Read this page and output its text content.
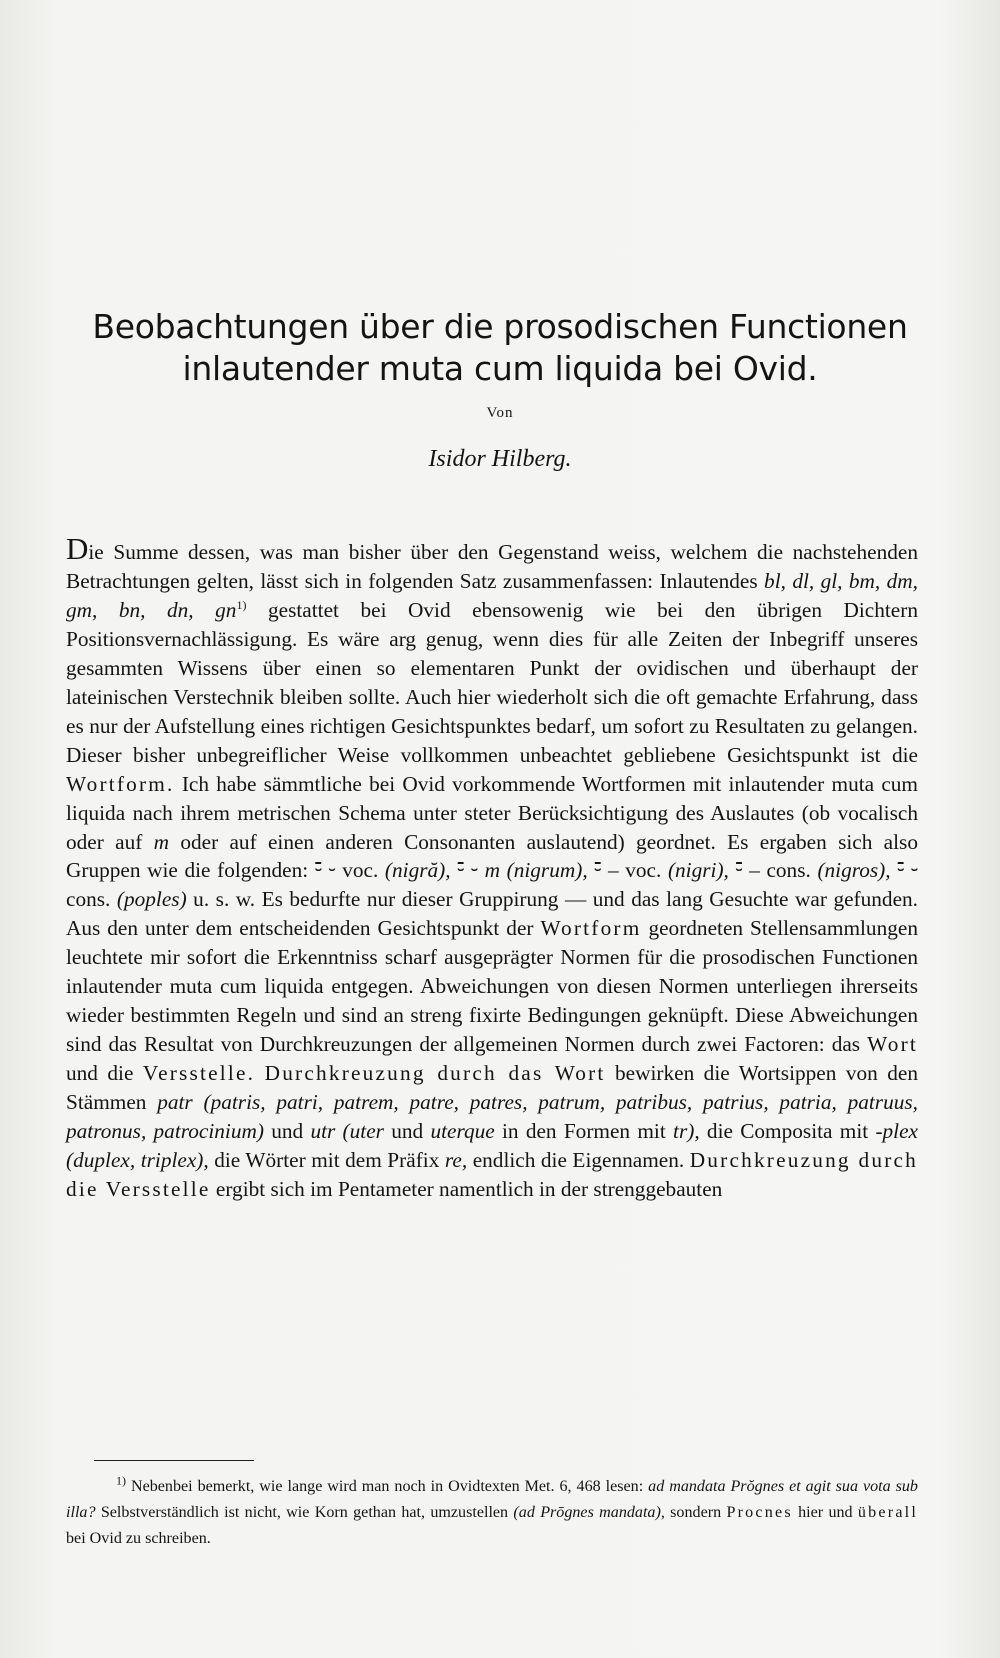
Beobachtungen über die prosodischen Functionen
inlautender muta cum liquida bei Ovid.
Von
Isidor Hilberg.

Die Summe dessen, was man bisher über den Gegenstand weiss, welchem die nachstehenden Betrachtungen gelten, lässt sich in folgenden Satz zusammenfassen: Inlautendes bl, dl, gl, bm, dm, gm, bn, dn, $gn^{1)}$ gestattet bei Ovid ebensowenig wie bei den übrigen Dichtern Positionsvernachlässigung. Es wäre arg genug, wenn dies für alle Zeiten der Inbegriff unseres gesammten Wissens über einen so elementaren Punkt der ovidischen und überhaupt der lateinischen Verstechnik bleiben sollte. Auch hier wiederholt sich die oft gemachte Erfahrung, dass es nur der Aufstellung eines richtigen Gesichtspunktes bedarf, um sofort zu Resultaten zu gelangen. Dieser bisher unbegreiflicher Weise vollkommen unbeachtet gebliebene Gesichtspunkt ist die Wortform. Ich habe sämmtliche bei Ovid vorkommende Wortformen mit inlautender muta cum liquida nach ihrem metrischen Schema unter steter Berücksichtigung des Auslautes (ob vocalisch oder auf m oder auf einen anderen Consonanten auslautend) geordnet. Es ergaben sich also Gruppen wie die folgenden: ⏑̄ ⏑ voc. (nigră), ⏑̄ ⏑ m (nigrum), ⏑̄ – voc. (nigri), ⏑̄ – cons. (nigros), ⏑̄ ⏑ cons. (poples) u. s. w. Es bedurfte nur dieser Gruppirung — und das lang Gesuchte war gefunden. Aus den unter dem entscheidenden Gesichtspunkt der Wortform geordneten Stellensammlungen leuchtete mir sofort die Erkenntniss scharf ausgeprägter Normen für die prosodischen Functionen inlautender muta cum liquida entgegen. Abweichungen von diesen Normen unterliegen ihrerseits wieder bestimmten Regeln und sind an streng fixirte Bedingungen geknüpft. Diese Abweichungen sind das Resultat von Durchkreuzungen der allgemeinen Normen durch zwei Factoren: das Wort und die Versstelle. Durchkreuzung durch das Wort bewirken die Wortsippen von den Stämmen patr (patris, patri, patrem, patre, patres, patrum, patribus, patrius, patria, patruus, patronus, patrocinium) und utr (uter und uterque in den Formen mit tr), die Composita mit -plex (duplex, triplex), die Wörter mit dem Präfix re, endlich die Eigennamen. Durchkreuzung durch die Versstelle ergibt sich im Pentameter namentlich in der strenggebauten

$^{1)}$ Nebenbei bemerkt, wie lange wird man noch in Ovidtexten Met. 6, 468 lesen: ad mandata Prŏgnes et agit sua vota sub illa? Selbstverständlich ist nicht, wie Korn gethan hat, umzustellen (ad Prōgnes mandata), sondern Procnes hier und überall bei Ovid zu schreiben.
